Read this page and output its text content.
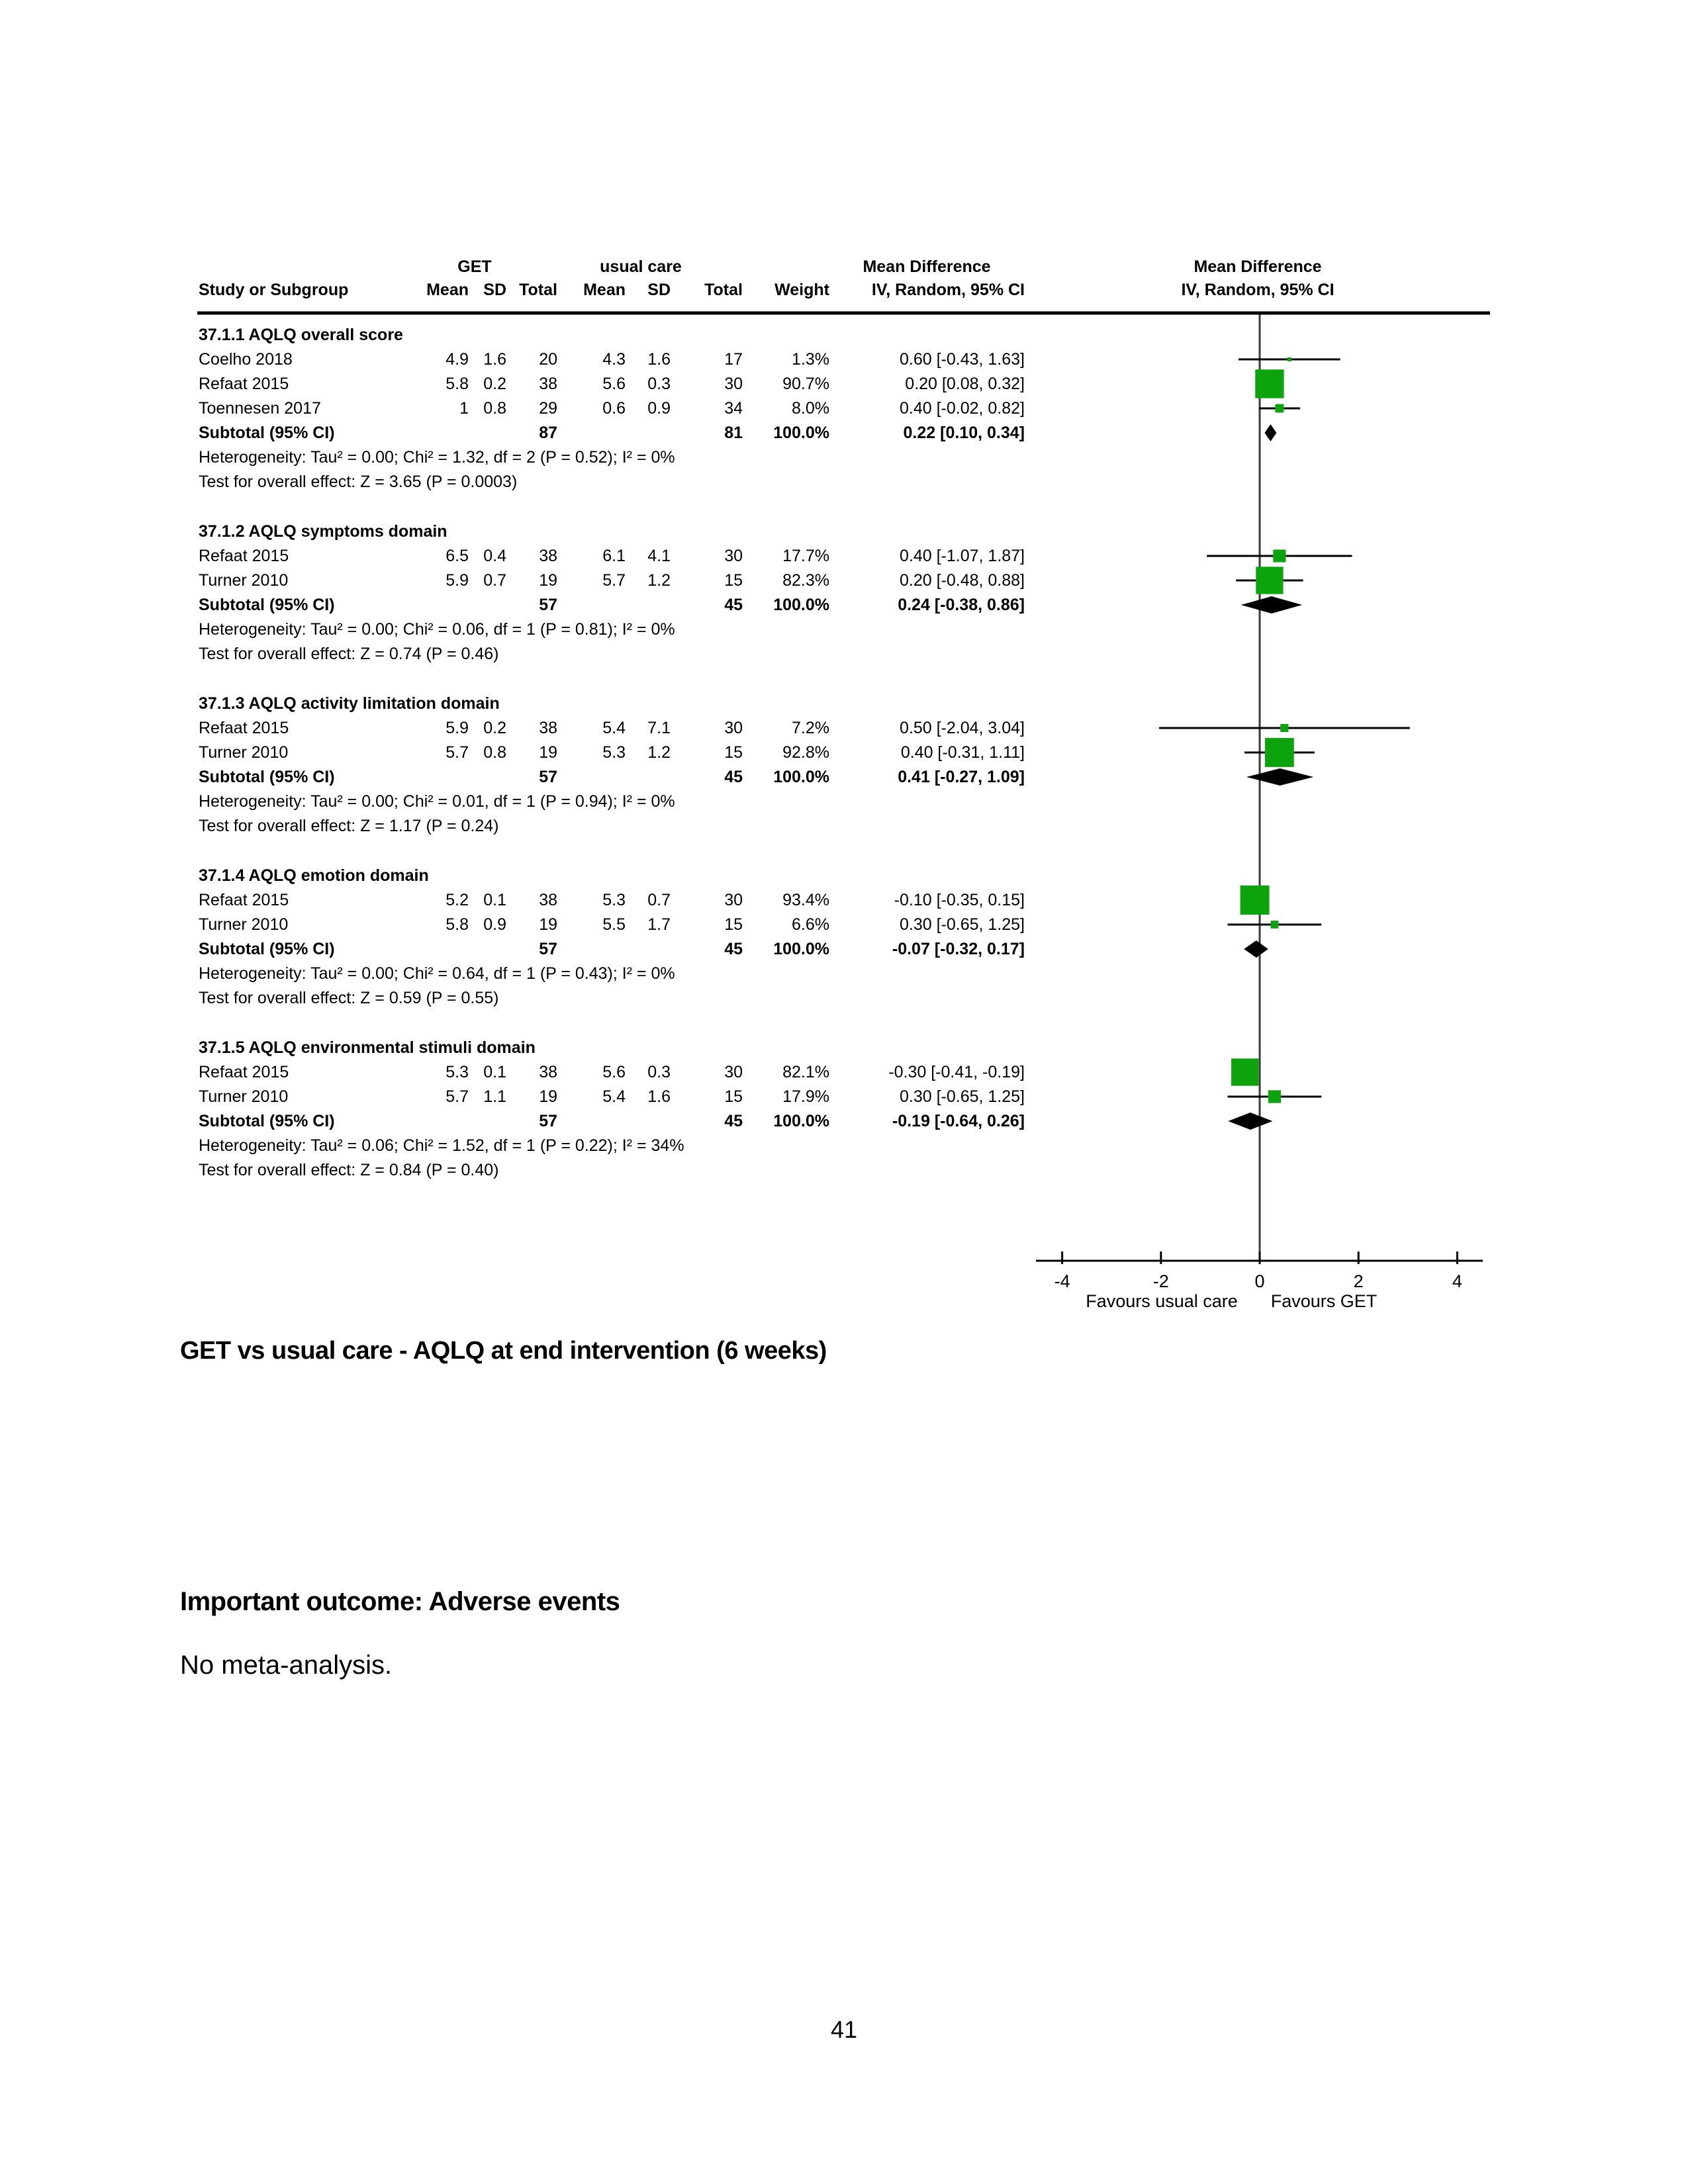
GET	usual care	Mean Difference	Mean Difference
Study or Subgroup	Mean SD Total Mean SD Total Weight	IV, Random, 95% CI	IV, Random, 95% CI
37.1.1 AQLQ overall score
Coelho 2018	4.9 1.6 20	4.3 1.6	17	1.3%	0.60 [-0.43, 1.63]
Refaat 2015	5.8 0.2 38	5.6 0.3	30 90.7%	0.20 [0.08, 0.32]
Toennesen 2017	1 0.8 29	0.6 0.9	34	8.0%	0.40 [-0.02, 0.82]
Subtotal (95% CI)	87	81 100.0%	0.22 [0.10, 0.34]
Heterogeneity: Tau² = 0.00; Chi² = 1.32, df = 2 (P = 0.52); I² = 0%
Test for overall effect: Z = 3.65 (P = 0.0003)
37.1.2 AQLQ symptoms domain
Refaat 2015	6.5 0.4 38	6.1 4.1	30 17.7%	0.40 [-1.07, 1.87]
Turner 2010	5.9 0.7 19	5.7 1.2	15 82.3%	0.20 [-0.48, 0.88]
Subtotal (95% CI)	57	45 100.0%	0.24 [-0.38, 0.86]
Heterogeneity: Tau² = 0.00; Chi² = 0.06, df = 1 (P = 0.81); I² = 0%
Test for overall effect: Z = 0.74 (P = 0.46)
37.1.3 AQLQ activity limitation domain
Refaat 2015	5.9 0.2 38	5.4 7.1	30	7.2%	0.50 [-2.04, 3.04]
Turner 2010	5.7 0.8 19	5.3 1.2	15 92.8%	0.40 [-0.31, 1.11]
Subtotal (95% CI)	57	45 100.0%	0.41 [-0.27, 1.09]
Heterogeneity: Tau² = 0.00; Chi² = 0.01, df = 1 (P = 0.94); I² = 0%
Test for overall effect: Z = 1.17 (P = 0.24)
37.1.4 AQLQ emotion domain
Refaat 2015	5.2 0.1 38	5.3 0.7	30 93.4%	-0.10 [-0.35, 0.15]
Turner 2010	5.8 0.9 19	5.5 1.7	15	6.6%	0.30 [-0.65, 1.25]
Subtotal (95% CI)	57	45 100.0%	-0.07 [-0.32, 0.17]
Heterogeneity: Tau² = 0.00; Chi² = 0.64, df = 1 (P = 0.43); I² = 0%
Test for overall effect: Z = 0.59 (P = 0.55)
37.1.5 AQLQ environmental stimuli domain
Refaat 2015	5.3 0.1 38	5.6 0.3	30 82.1%	-0.30 [-0.41, -0.19]
Turner 2010	5.7 1.1 19	5.4 1.6	15 17.9%	0.30 [-0.65, 1.25]
Subtotal (95% CI)	57	45 100.0%	-0.19 [-0.64, 0.26]
Heterogeneity: Tau² = 0.06; Chi² = 1.52, df = 1 (P = 0.22); I² = 34%
Test for overall effect: Z = 0.84 (P = 0.40)
-4	-2	0	2	4
Favours usual care Favours GET
GET vs usual care - AQLQ at end intervention (6 weeks)
Important outcome: Adverse events
No meta-analysis.
41
